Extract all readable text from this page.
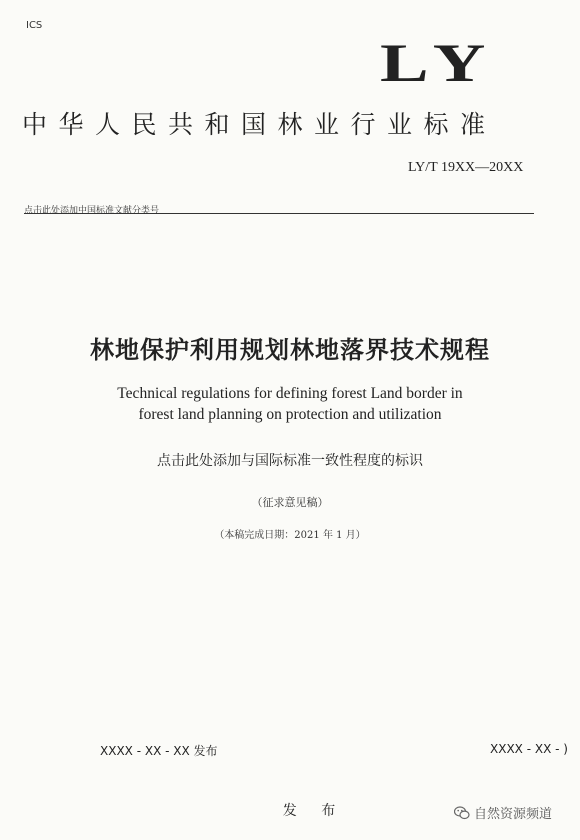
ICS
LY
中华人民共和国林业行业标准
LY/T 19XX—20XX
点击此处添加中国标准文献分类号
林地保护利用规划林地落界技术规程
Technical regulations for defining forest Land border in
forest land planning on protection and utilization
点击此处添加与国际标准一致性程度的标识
（征求意见稿）
（本稿完成日期：2021 年 1 月）
XXXX - XX - XX 发布	XXXX - XX - )
发 布	自然资源频道
